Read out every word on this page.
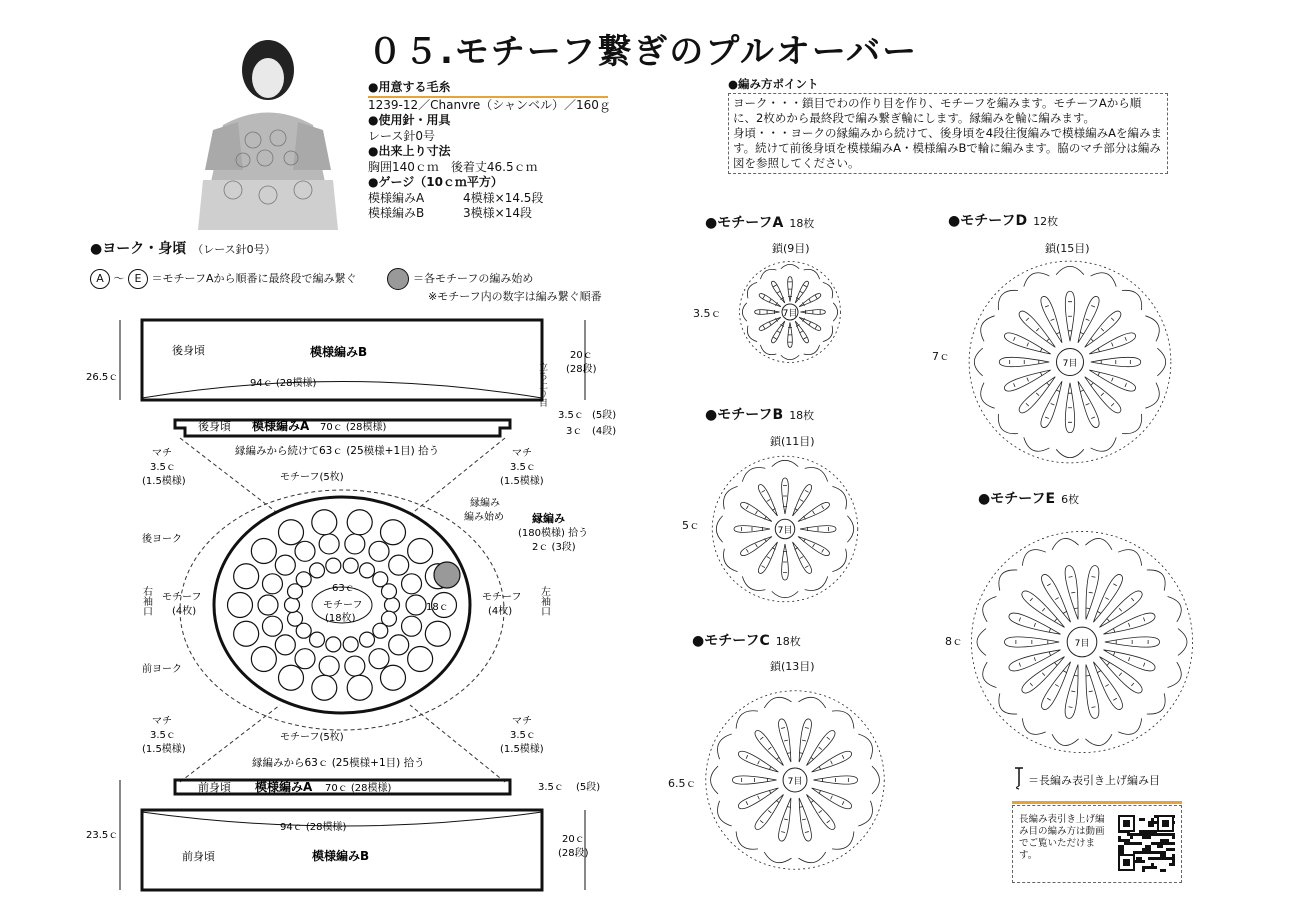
０５.モチーフ繋ぎのプルオーバー
●用意する毛糸
1239-12／Chanvre（シャンベル）／160ｇ
●使用針・用具
レース針0号
●出来上り寸法
胸囲140ｃｍ　後着丈46.5ｃｍ
●ゲージ（10ｃｍ平方）
模様編みA	4模様×14.5段
模様編みB	3模様×14段
●編み方ポイント

ヨーク・・・鎖目でわの作り目を作り、モチーフを編みます。モチーフAから順に、2枚めから最終段で編み繋ぎ輪にします。縁編みを輪に編みます。

身頃・・・ヨークの縁編みから続けて、後身頃を4段往復編みで模様編みAを編みます。続けて前後身頃を模様編みA・模様編みBで輪に編みます。脇のマチ部分は編み図を参照してください。

●ヨーク・身頃 （レース針0号）
A ～ E ＝モチーフAから順番に最終段で編み繋ぐ	＝各モチーフの編み始め
※モチーフ内の数字は編み繋ぐ順番
後身頃	模様編みB
94ｃ (28模様)
26.5ｃ
20ｃ
(28段)
立ち上り目
後身頃 模様編みA 70ｃ (28模様)
3.5ｃ (5段)
3ｃ (4段)
縁編みから続けて63ｃ (25模様+1目) 拾う
マチ
3.5ｃ
(1.5模様)
マチ
3.5ｃ
(1.5模様)
モチーフ(5枚)
モチーフ(5枚)
縁編み
編み始め	縁編み
(180模様) 拾う
2ｃ (3段)
後ヨーク
前ヨーク
右袖口	左袖口
モチーフ
(4枚)
モチーフ
(4枚)
63ｃ
モチーフ
(18枚)
18ｃ
マチ
3.5ｃ
(1.5模様)
マチ
3.5ｃ
(1.5模様)
縁編みから63ｃ (25模様+1目) 拾う
前身頃 模様編みA 70ｃ (28模様)	3.5ｃ (5段)
94ｃ (28模様)
前身頃	模様編みB
23.5ｃ	20ｃ
(28段)
●モチーフA 18枚
鎖(9目)
3.5ｃ	7目
●モチーフB 18枚
鎖(11目)
5ｃ	7目
●モチーフC 18枚
鎖(13目)
6.5ｃ	7目
●モチーフD 12枚
鎖(15目)
7ｃ
7目
●モチーフE 6枚
8ｃ	7目
＝長編み表引き上げ編み目
長編み表引き上げ編み目の編み方は動画でご覧いただけます。
